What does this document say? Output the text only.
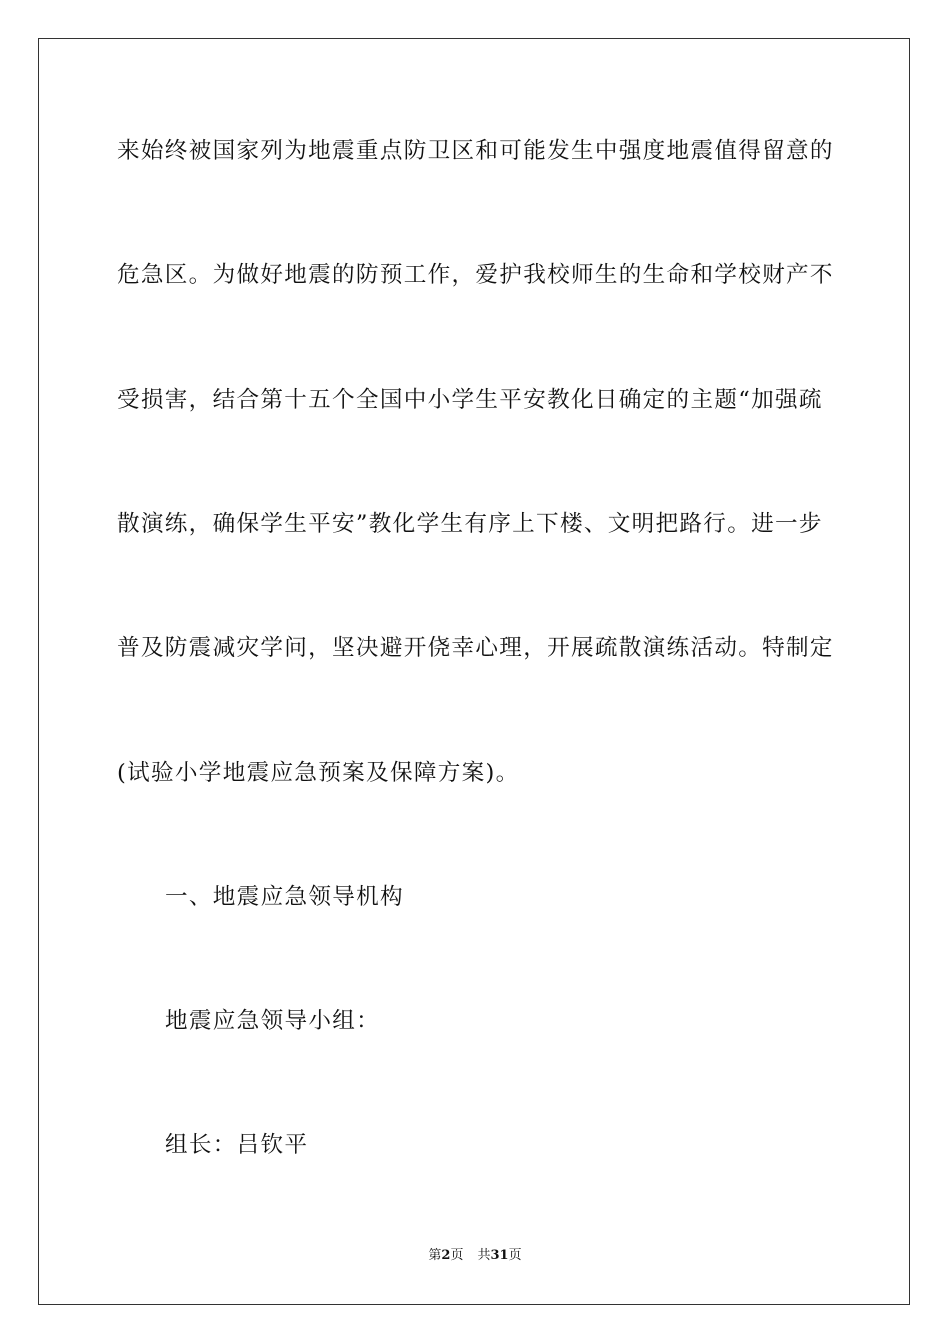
来始终被国家列为地震重点防卫区和可能发生中强度地震值得留意的
危急区。为做好地震的防预工作，爱护我校师生的生命和学校财产不
受损害，结合第十五个全国中小学生平安教化日确定的主题“加强疏
散演练，确保学生平安”教化学生有序上下楼、文明把路行。进一步
普及防震减灾学问，坚决避开侥幸心理，开展疏散演练活动。特制定
(试验小学地震应急预案及保障方案)。
一、地震应急领导机构
地震应急领导小组：
组长：吕钦平
第2页 共31页
